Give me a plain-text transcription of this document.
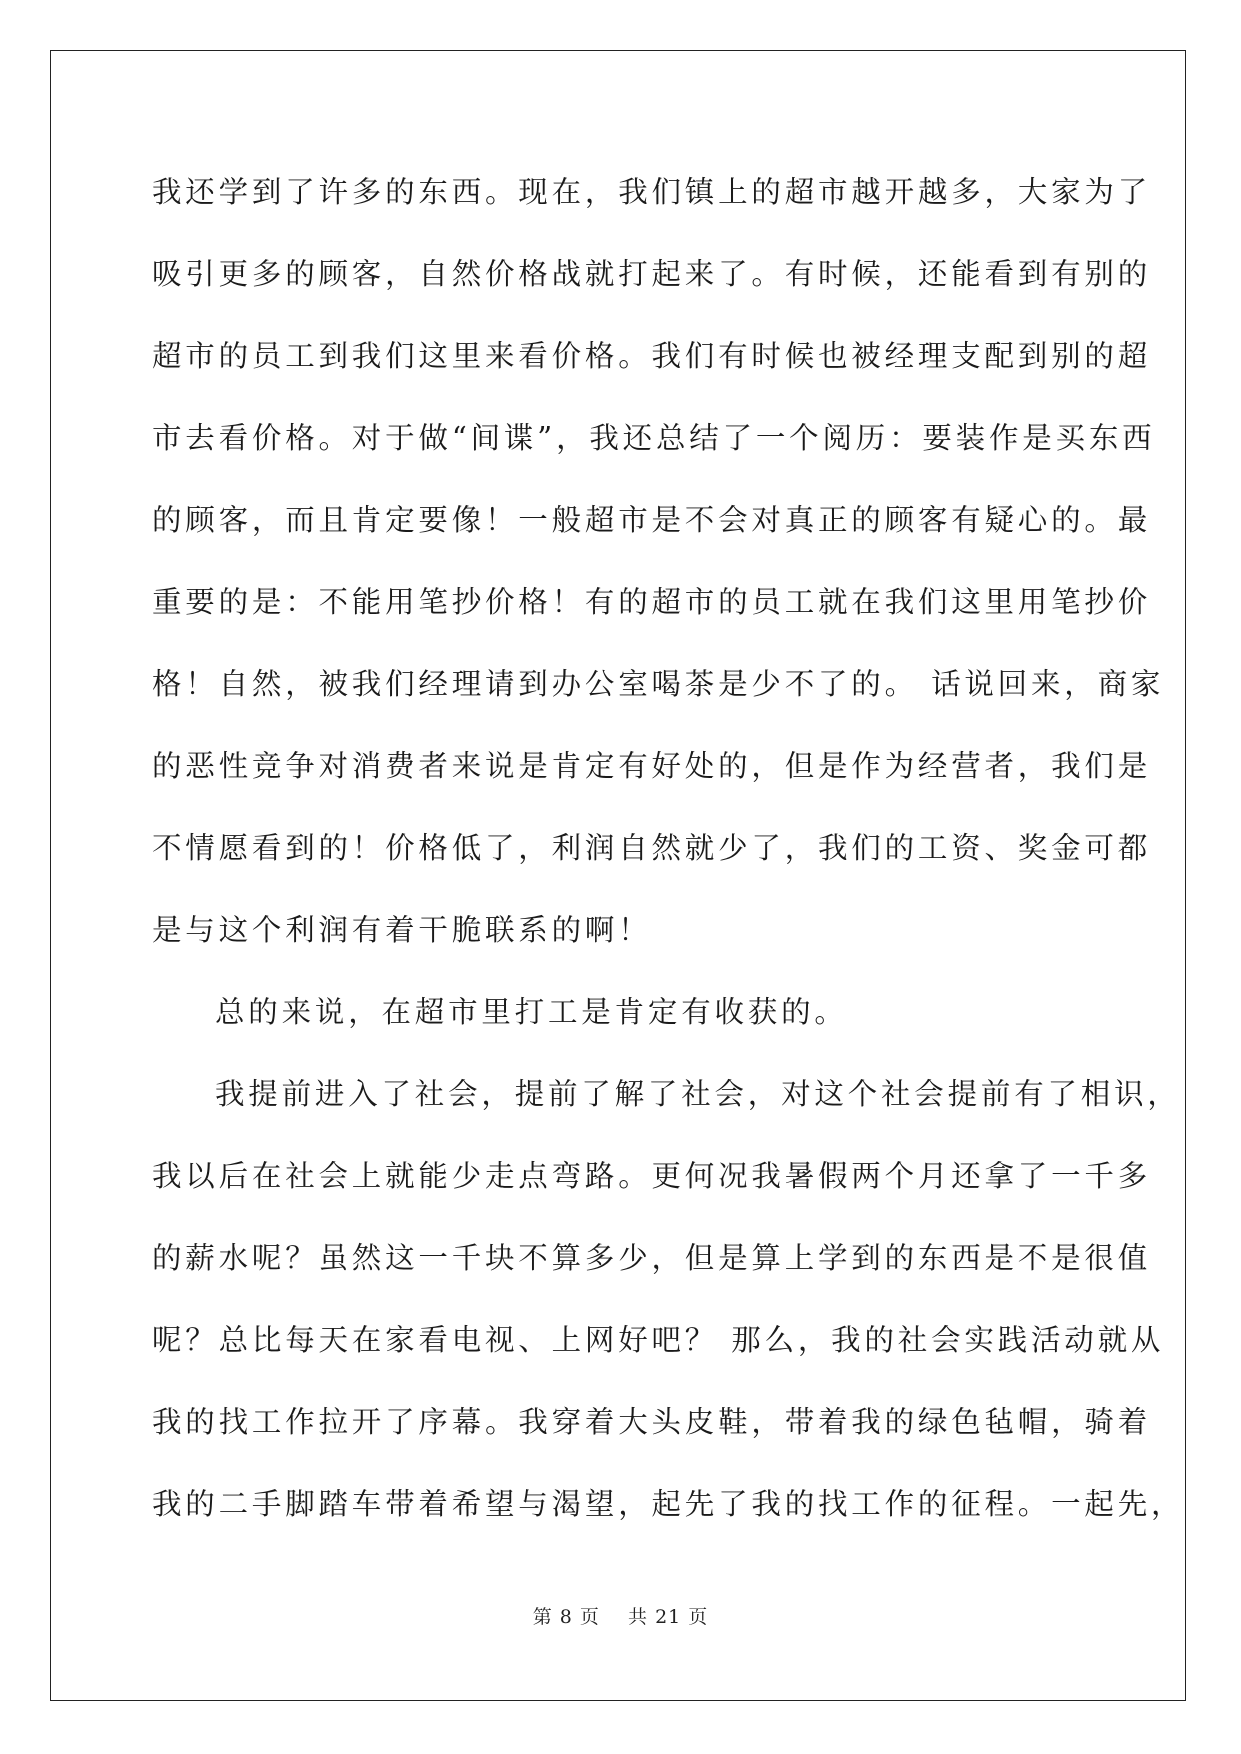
我还学到了许多的东西。现在，我们镇上的超市越开越多，大家为了
吸引更多的顾客，自然价格战就打起来了。有时候，还能看到有别的
超市的员工到我们这里来看价格。我们有时候也被经理支配到别的超
市去看价格。对于做“间谍”，我还总结了一个阅历：要装作是买东西
的顾客，而且肯定要像！一般超市是不会对真正的顾客有疑心的。最
重要的是：不能用笔抄价格！有的超市的员工就在我们这里用笔抄价
格！自然，被我们经理请到办公室喝茶是少不了的。 话说回来，商家
的恶性竞争对消费者来说是肯定有好处的，但是作为经营者，我们是
不情愿看到的！价格低了，利润自然就少了，我们的工资、奖金可都
是与这个利润有着干脆联系的啊！
总的来说，在超市里打工是肯定有收获的。
我提前进入了社会，提前了解了社会，对这个社会提前有了相识，
我以后在社会上就能少走点弯路。更何况我暑假两个月还拿了一千多
的薪水呢？虽然这一千块不算多少，但是算上学到的东西是不是很值
呢？总比每天在家看电视、上网好吧？ 那么，我的社会实践活动就从
我的找工作拉开了序幕。我穿着大头皮鞋，带着我的绿色毡帽，骑着
我的二手脚踏车带着希望与渴望，起先了我的找工作的征程。一起先，
第 8 页 共 21 页
